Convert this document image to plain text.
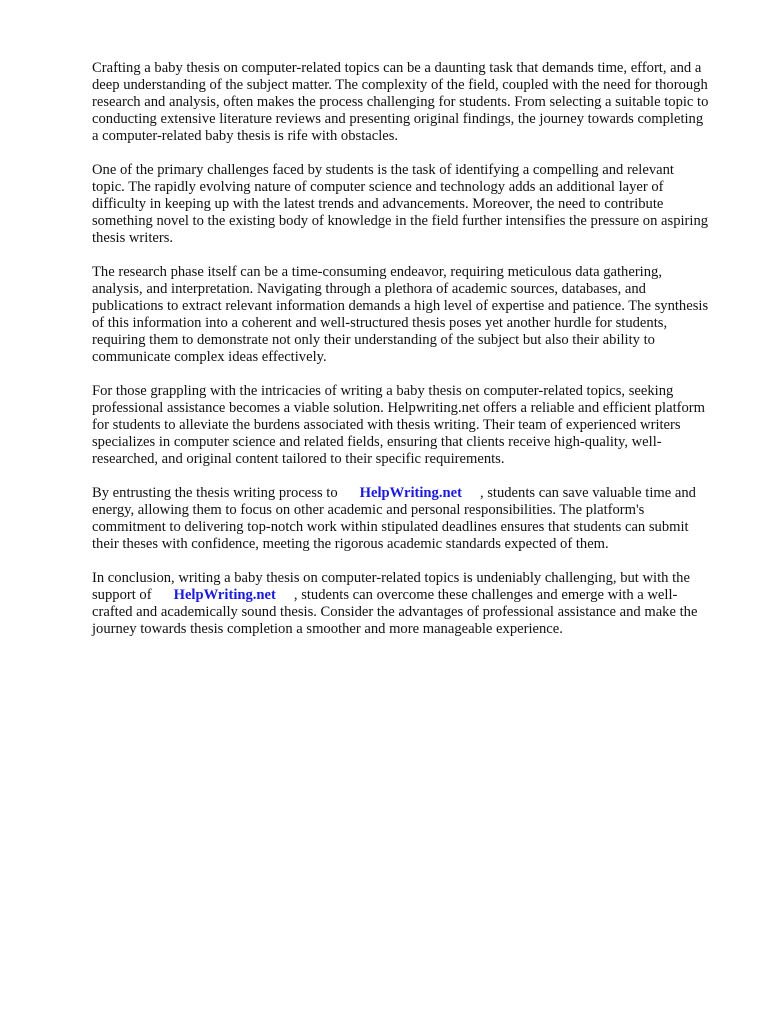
Crafting a baby thesis on computer-related topics can be a daunting task that demands time, effort, and a deep understanding of the subject matter. The complexity of the field, coupled with the need for thorough research and analysis, often makes the process challenging for students. From selecting a suitable topic to conducting extensive literature reviews and presenting original findings, the journey towards completing a computer-related baby thesis is rife with obstacles.

One of the primary challenges faced by students is the task of identifying a compelling and relevant topic. The rapidly evolving nature of computer science and technology adds an additional layer of difficulty in keeping up with the latest trends and advancements. Moreover, the need to contribute something novel to the existing body of knowledge in the field further intensifies the pressure on aspiring thesis writers.

The research phase itself can be a time-consuming endeavor, requiring meticulous data gathering, analysis, and interpretation. Navigating through a plethora of academic sources, databases, and publications to extract relevant information demands a high level of expertise and patience. The synthesis of this information into a coherent and well-structured thesis poses yet another hurdle for students, requiring them to demonstrate not only their understanding of the subject but also their ability to communicate complex ideas effectively.

For those grappling with the intricacies of writing a baby thesis on computer-related topics, seeking professional assistance becomes a viable solution. Helpwriting.net offers a reliable and efficient platform for students to alleviate the burdens associated with thesis writing. Their team of experienced writers specializes in computer science and related fields, ensuring that clients receive high-quality, well-researched, and original content tailored to their specific requirements.

By entrusting the thesis writing process to HelpWriting.net , students can save valuable time and energy, allowing them to focus on other academic and personal responsibilities. The platform's commitment to delivering top-notch work within stipulated deadlines ensures that students can submit their theses with confidence, meeting the rigorous academic standards expected of them.

In conclusion, writing a baby thesis on computer-related topics is undeniably challenging, but with the support of HelpWriting.net , students can overcome these challenges and emerge with a well-crafted and academically sound thesis. Consider the advantages of professional assistance and make the journey towards thesis completion a smoother and more manageable experience.
